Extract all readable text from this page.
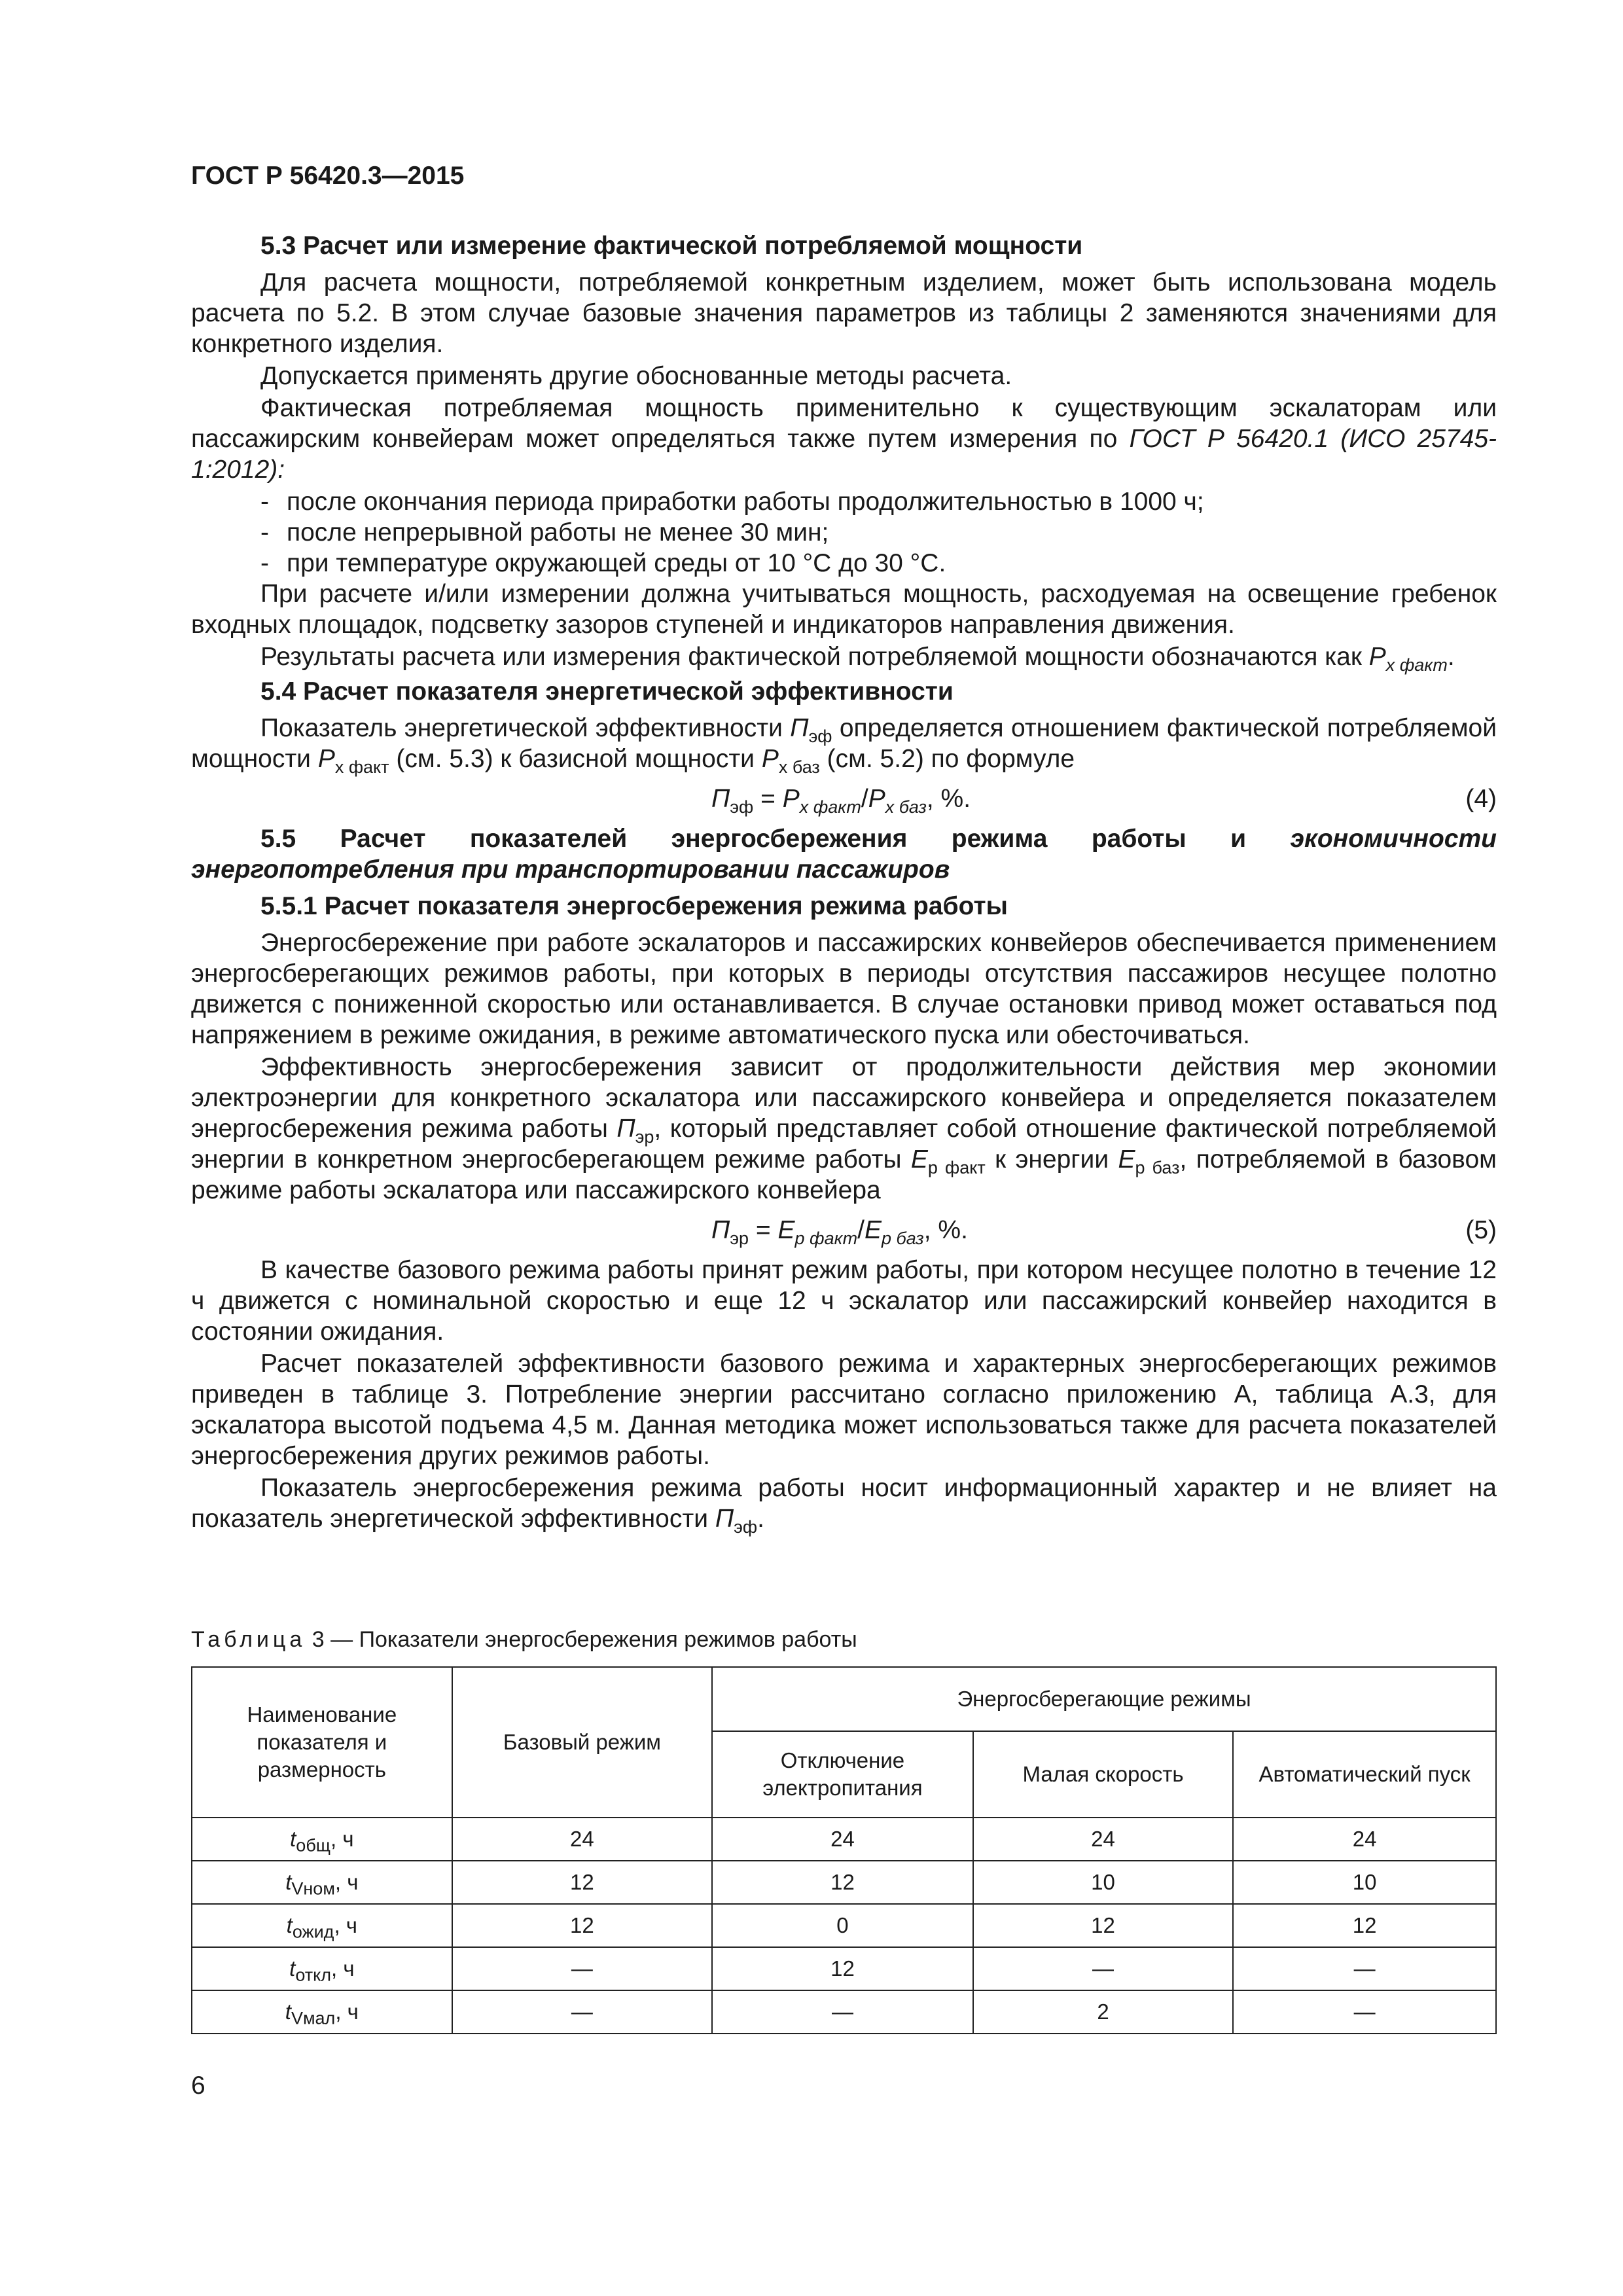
ГОСТ Р 56420.3—2015
5.3 Расчет или измерение фактической потребляемой мощности
Для расчета мощности, потребляемой конкретным изделием, может быть использована модель расчета по 5.2. В этом случае базовые значения параметров из таблицы 2 заменяются значениями для конкретного изделия.
Допускается применять другие обоснованные методы расчета.
Фактическая потребляемая мощность применительно к существующим эскалаторам или пассажирским конвейерам может определяться также путем измерения по ГОСТ Р 56420.1 (ИСО 25745-1:2012):
- после окончания периода приработки работы продолжительностью в 1000 ч;
- после непрерывной работы не менее 30 мин;
- при температуре окружающей среды от 10 °С до 30 °С.
При расчете и/или измерении должна учитываться мощность, расходуемая на освещение гребенок входных площадок, подсветку зазоров ступеней и индикаторов направления движения.
Результаты расчета или измерения фактической потребляемой мощности обозначаются как $P_{x факт}$.
5.4 Расчет показателя энергетической эффективности
Показатель энергетической эффективности $П_{эф}$ определяется отношением фактической потребляемой мощности $P_{x факт}$ (см. 5.3) к базисной мощности $P_{x баз}$ (см. 5.2) по формуле
$П_{эф} = P_{x факт}/P_{x баз}$, %.	(4)
5.5 Расчет показателей энергосбережения режима работы и экономичности энергопотребления при транспортировании пассажиров
5.5.1 Расчет показателя энергосбережения режима работы
Энергосбережение при работе эскалаторов и пассажирских конвейеров обеспечивается применением энергосберегающих режимов работы, при которых в периоды отсутствия пассажиров несущее полотно движется с пониженной скоростью или останавливается. В случае остановки привод может оставаться под напряжением в режиме ожидания, в режиме автоматического пуска или обесточиваться.
Эффективность энергосбережения зависит от продолжительности действия мер экономии электроэнергии для конкретного эскалатора или пассажирского конвейера и определяется показателем энергосбережения режима работы $П_{эр}$, который представляет собой отношение фактической потребляемой энергии в конкретном энергосберегающем режиме работы $E_{р факт}$ к энергии $E_{р баз}$, потребляемой в базовом режиме работы эскалатора или пассажирского конвейера
$П_{эр} = E_{р факт}/E_{р баз}$, %.	(5)
В качестве базового режима работы принят режим работы, при котором несущее полотно в течение 12 ч движется с номинальной скоростью и еще 12 ч эскалатор или пассажирский конвейер находится в состоянии ожидания.
Расчет показателей эффективности базового режима и характерных энергосберегающих режимов приведен в таблице 3. Потребление энергии рассчитано согласно приложению А, таблица А.3, для эскалатора высотой подъема 4,5 м. Данная методика может использоваться также для расчета показателей энергосбережения других режимов работы.
Показатель энергосбережения режима работы носит информационный характер и не влияет на показатель энергетической эффективности $П_{эф}$.
Таблица 3 — Показатели энергосбережения режимов работы
Наименование показателя и размерность	Базовый режим	Энергосберегающие режимы		
		Отключение электропитания	Малая скорость	Автоматический пуск
$t_{общ}$, ч	24	24	24	24
$t_{Vном}$, ч	12	12	10	10
$t_{ожид}$, ч	12	0	12	12
$t_{откл}$, ч	—	12	—	—
$t_{Vмал}$, ч	—	—	2	—
6
